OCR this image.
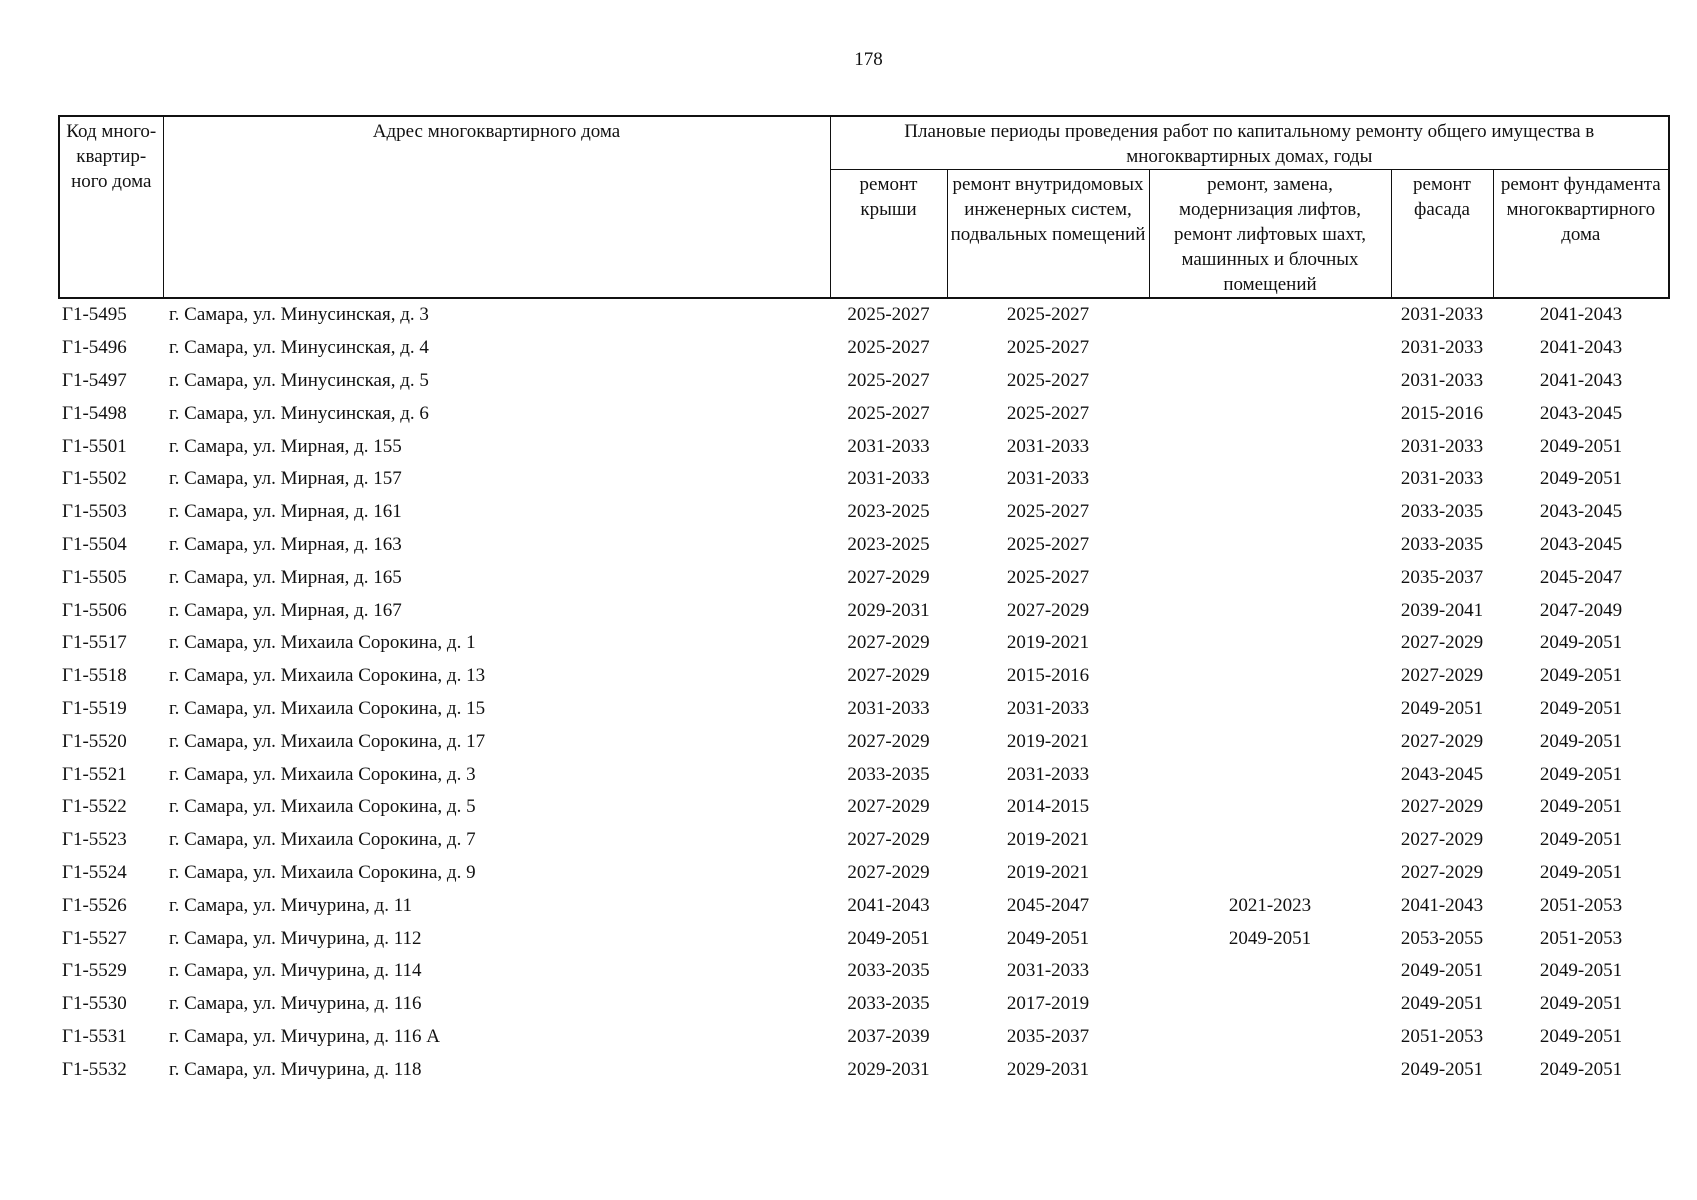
178
Код много-квартир-ного дома	Адрес многоквартирного дома	Плановые периоды проведения работ по капитальному ремонту общего имущества в многоквартирных домах, годы				
		ремонт крыши	ремонт внутридомовых инженерных систем, подвальных помещений	ремонт, замена, модернизация лифтов, ремонт лифтовых шахт, машинных и блочных помещений	ремонт фасада	ремонт фундамента многоквартирного дома
Г1-5495	г. Самара, ул. Минусинская, д. 3	2025-2027	2025-2027		2031-2033	2041-2043
Г1-5496	г. Самара, ул. Минусинская, д. 4	2025-2027	2025-2027		2031-2033	2041-2043
Г1-5497	г. Самара, ул. Минусинская, д. 5	2025-2027	2025-2027		2031-2033	2041-2043
Г1-5498	г. Самара, ул. Минусинская, д. 6	2025-2027	2025-2027		2015-2016	2043-2045
Г1-5501	г. Самара, ул. Мирная, д. 155	2031-2033	2031-2033		2031-2033	2049-2051
Г1-5502	г. Самара, ул. Мирная, д. 157	2031-2033	2031-2033		2031-2033	2049-2051
Г1-5503	г. Самара, ул. Мирная, д. 161	2023-2025	2025-2027		2033-2035	2043-2045
Г1-5504	г. Самара, ул. Мирная, д. 163	2023-2025	2025-2027		2033-2035	2043-2045
Г1-5505	г. Самара, ул. Мирная, д. 165	2027-2029	2025-2027		2035-2037	2045-2047
Г1-5506	г. Самара, ул. Мирная, д. 167	2029-2031	2027-2029		2039-2041	2047-2049
Г1-5517	г. Самара, ул. Михаила Сорокина, д. 1	2027-2029	2019-2021		2027-2029	2049-2051
Г1-5518	г. Самара, ул. Михаила Сорокина, д. 13	2027-2029	2015-2016		2027-2029	2049-2051
Г1-5519	г. Самара, ул. Михаила Сорокина, д. 15	2031-2033	2031-2033		2049-2051	2049-2051
Г1-5520	г. Самара, ул. Михаила Сорокина, д. 17	2027-2029	2019-2021		2027-2029	2049-2051
Г1-5521	г. Самара, ул. Михаила Сорокина, д. 3	2033-2035	2031-2033		2043-2045	2049-2051
Г1-5522	г. Самара, ул. Михаила Сорокина, д. 5	2027-2029	2014-2015		2027-2029	2049-2051
Г1-5523	г. Самара, ул. Михаила Сорокина, д. 7	2027-2029	2019-2021		2027-2029	2049-2051
Г1-5524	г. Самара, ул. Михаила Сорокина, д. 9	2027-2029	2019-2021		2027-2029	2049-2051
Г1-5526	г. Самара, ул. Мичурина, д. 11	2041-2043	2045-2047	2021-2023	2041-2043	2051-2053
Г1-5527	г. Самара, ул. Мичурина, д. 112	2049-2051	2049-2051	2049-2051	2053-2055	2051-2053
Г1-5529	г. Самара, ул. Мичурина, д. 114	2033-2035	2031-2033		2049-2051	2049-2051
Г1-5530	г. Самара, ул. Мичурина, д. 116	2033-2035	2017-2019		2049-2051	2049-2051
Г1-5531	г. Самара, ул. Мичурина, д. 116 А	2037-2039	2035-2037		2051-2053	2049-2051
Г1-5532	г. Самара, ул. Мичурина, д. 118	2029-2031	2029-2031		2049-2051	2049-2051
